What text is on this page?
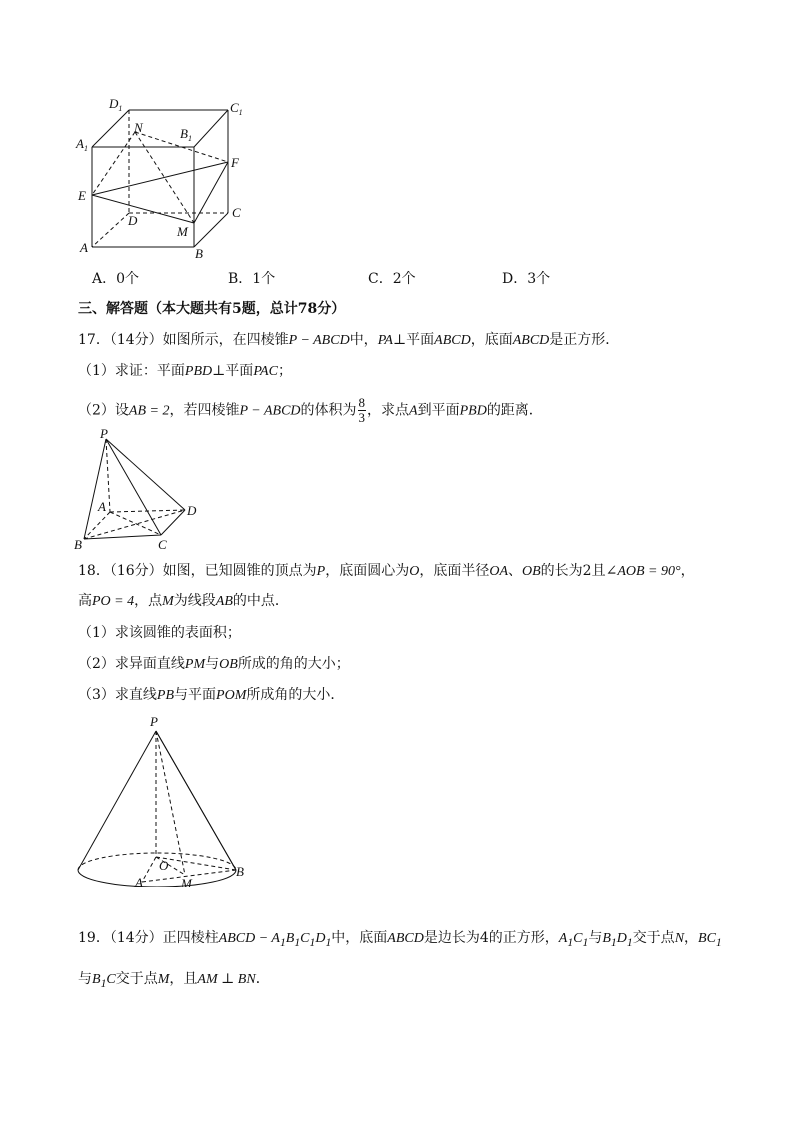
$D_1$	$C_1$
$A_1$
$B_1$
N
F
E
D
C
M
A	B
A．0个	B．1个	C．2个	D．3个
三、解答题（本大题共有5题，总计78分）
17．（14分）如图所示，在四棱锥P − ABCD中，PA⊥平面ABCD，底面ABCD是正方形．
（1）求证：平面PBD⊥平面PAC；
（2）设AB = 2，若四棱锥P − ABCD的体积为 $\frac{8}{3}$ ，求点A到平面PBD的距离．
P
A	D
B	C
18．（16分）如图，已知圆锥的顶点为P，底面圆心为O，底面半径OA、OB的长为2且∠AOB = 90°，
高PO = 4，点M为线段AB的中点．
（1）求该圆锥的表面积；
（2）求异面直线PM与OB所成的角的大小；
（3）求直线PB与平面POM所成角的大小．
P
O
M
B
A
19．（14分）正四棱柱ABCD − $A_1B_1C_1D_1$中，底面ABCD是边长为4的正方形，$A_1C_1$与$B_1D_1$交于点N，$BC_1$
与$B_1C$交于点M，且AM ⊥ BN．
